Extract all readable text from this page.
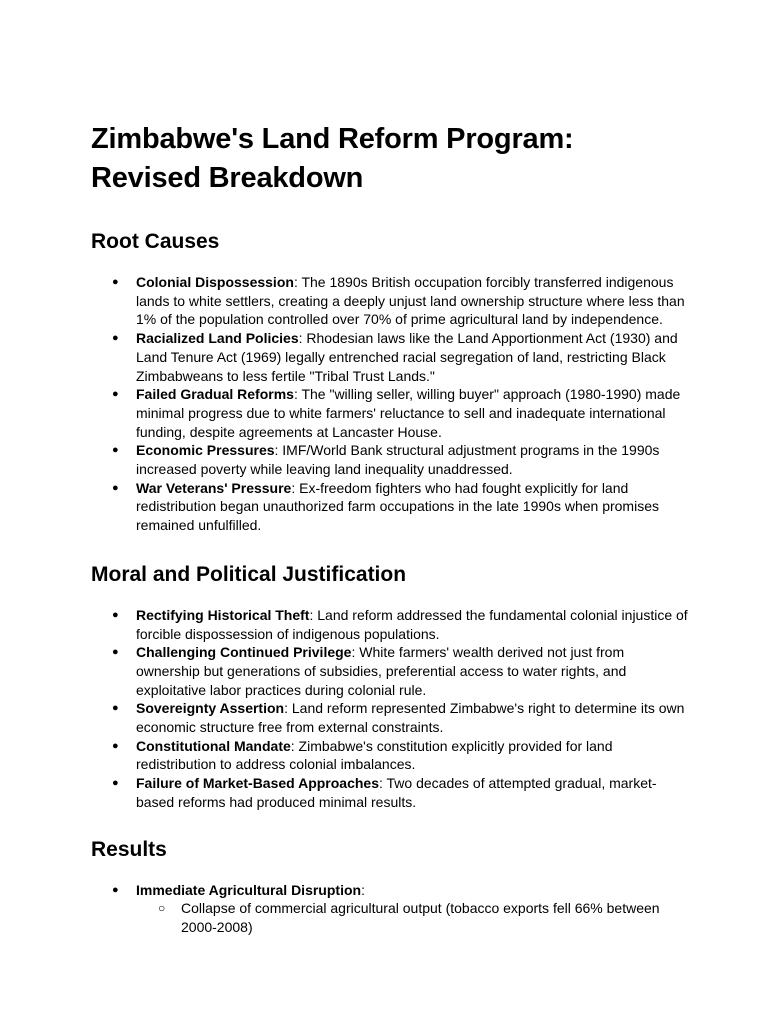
Zimbabwe's Land Reform Program:
Revised Breakdown
Root Causes
● Colonial Dispossession: The 1890s British occupation forcibly transferred indigenous lands to white settlers, creating a deeply unjust land ownership structure where less than 1% of the population controlled over 70% of prime agricultural land by independence.
● Racialized Land Policies: Rhodesian laws like the Land Apportionment Act (1930) and Land Tenure Act (1969) legally entrenched racial segregation of land, restricting Black Zimbabweans to less fertile "Tribal Trust Lands."
● Failed Gradual Reforms: The "willing seller, willing buyer" approach (1980-1990) made minimal progress due to white farmers' reluctance to sell and inadequate international funding, despite agreements at Lancaster House.
● Economic Pressures: IMF/World Bank structural adjustment programs in the 1990s increased poverty while leaving land inequality unaddressed.
● War Veterans' Pressure: Ex-freedom fighters who had fought explicitly for land redistribution began unauthorized farm occupations in the late 1990s when promises remained unfulfilled.
Moral and Political Justification
● Rectifying Historical Theft: Land reform addressed the fundamental colonial injustice of forcible dispossession of indigenous populations.
● Challenging Continued Privilege: White farmers' wealth derived not just from ownership but generations of subsidies, preferential access to water rights, and exploitative labor practices during colonial rule.
● Sovereignty Assertion: Land reform represented Zimbabwe's right to determine its own economic structure free from external constraints.
● Constitutional Mandate: Zimbabwe's constitution explicitly provided for land redistribution to address colonial imbalances.
● Failure of Market-Based Approaches: Two decades of attempted gradual, market-based reforms had produced minimal results.
Results
● Immediate Agricultural Disruption:
○ Collapse of commercial agricultural output (tobacco exports fell 66% between 2000-2008)
